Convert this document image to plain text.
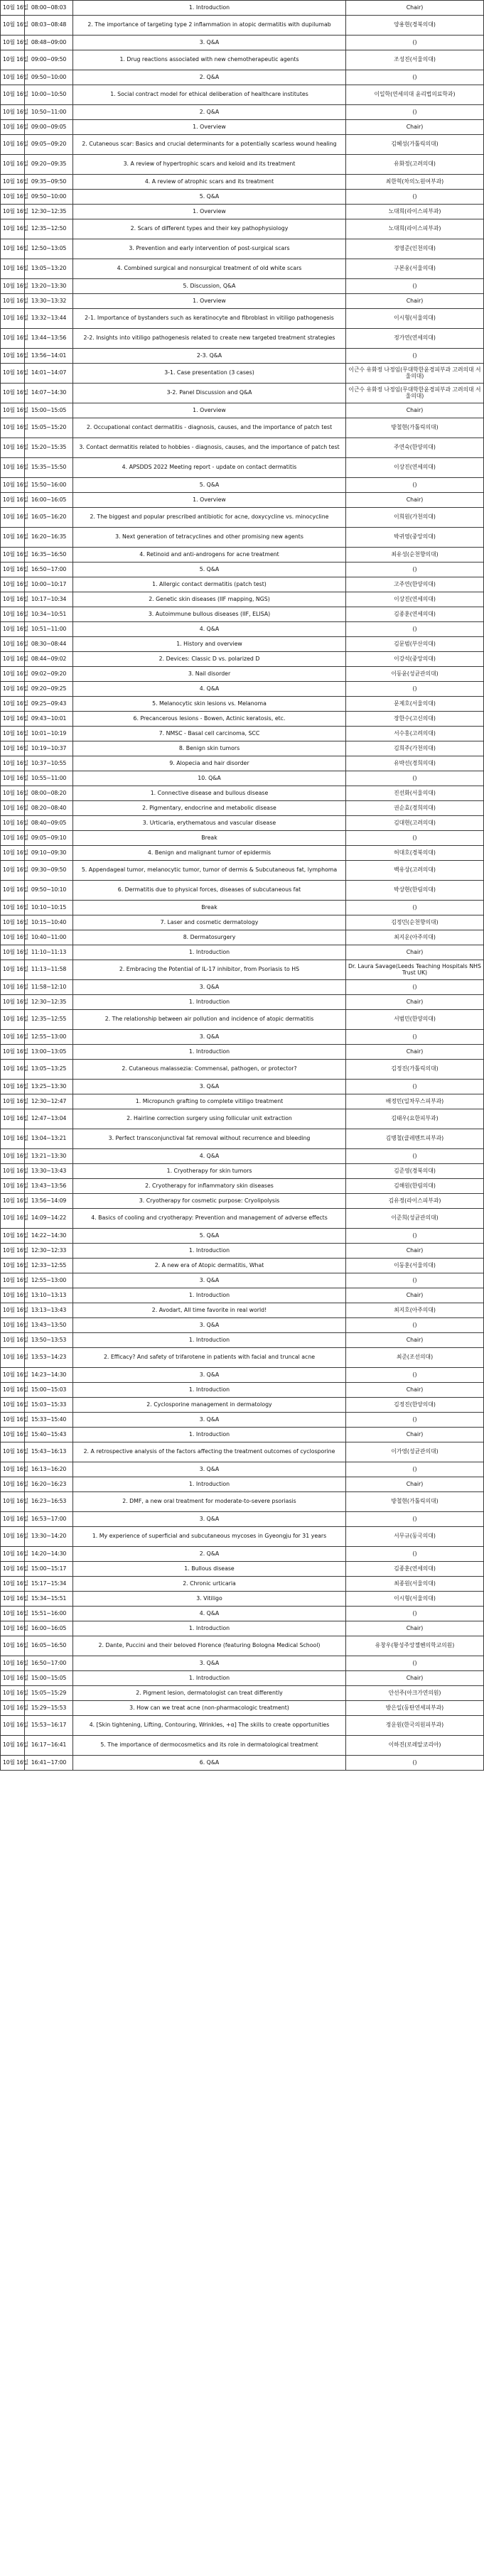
10월 16일	08:00~08:03	1. Introduction	Chair)
10월 16일	08:03~08:48	2. The importance of targeting type 2 inflammation in atopic dermatitis with dupilumab	양용현(경북의대)
10월 16일	08:48~09:00	3. Q&A	()
10월 16일	09:00~09:50	1. Drug reactions associated with new chemotherapeutic agents	조성진(서울의대)
10월 16일	09:50~10:00	2. Q&A	()
10월 16일	10:00~10:50	1. Social contract model for ethical deliberation of healthcare institutes	이일학(연세의대 윤리법의료학과)
10월 16일	10:50~11:00	2. Q&A	()
10월 16일	09:00~09:05	1. Overview	Chair)
10월 16일	09:05~09:20	2. Cutaneous scar: Basics and crucial determinants for a potentially scarless wound healing	김혜성(가톨릭의대)
10월 16일	09:20~09:35	3. A review of hypertrophic scars and keloid and its treatment	유화정(고려의대)
10월 16일	09:35~09:50	4. A review of atrophic scars and its treatment	최한혁(차의노원여부과)
10월 16일	09:50~10:00	5. Q&A	()
10월 16일	12:30~12:35	1. Overview	노대희(라이스피부과)
10월 16일	12:35~12:50	2. Scars of different types and their key pathophysiology	노대희(라이스피부과)
10월 16일	12:50~13:05	3. Prevention and early intervention of post-surgical scars	정영준(인천의대)
10월 16일	13:05~13:20	4. Combined surgical and nonsurgical treatment of old white scars	구본웅(서울의대)
10월 16일	13:20~13:30	5. Discussion, Q&A	()
10월 16일	13:30~13:32	1. Overview	Chair)
10월 16일	13:32~13:44	2-1. Importance of bystanders such as keratinocyte and fibroblast in vitiligo pathogenesis	이시형(서울의대)
10월 16일	13:44~13:56	2-2. Insights into vitiligo pathogenesis related to create new targeted treatment strategies	정가연(연세의대)
10월 16일	13:56~14:01	2-3. Q&A	()
10월 16일	14:01~14:07	3-1. Case presentation (3 cases)	이근수 유화정 나정임(무대학한윤경피부과 고려의대 서울의대)
10월 16일	14:07~14:30	3-2. Panel Discussion and Q&A	이근수 유화정 나정임(무대학한윤경피부과 고려의대 서울의대)
10월 16일	15:00~15:05	1. Overview	Chair)
10월 16일	15:05~15:20	2. Occupational contact dermatitis - diagnosis, causes, and the importance of patch test	방철현(가톨릭의대)
10월 16일	15:20~15:35	3. Contact dermatitis related to hobbies - diagnosis, causes, and the importance of patch test	주연숙(한양의대)
10월 16일	15:35~15:50	4. APSDDS 2022 Meeting report - update on contact dermatitis	이상진(연세의대)
10월 16일	15:50~16:00	5. Q&A	()
10월 16일	16:00~16:05	1. Overview	Chair)
10월 16일	16:05~16:20	2. The biggest and popular prescribed antibiotic for acne, doxycycline vs. minocycline	이희원(가천의대)
10월 16일	16:20~16:35	3. Next generation of tetracyclines and other promising new agents	박귀영(중앙의대)
10월 16일	16:35~16:50	4. Retinoid and anti-androgens for acne treatment	최유성(순천향의대)
10월 16일	16:50~17:00	5. Q&A	()
10월 16일	10:00~10:17	1. Allergic contact dermatitis (patch test)	고주연(한양의대)
10월 16일	10:17~10:34	2. Genetic skin diseases (IIF mapping, NGS)	이상진(연세의대)
10월 16일	10:34~10:51	3. Autoimmune bullous diseases (IIF, ELISA)	김종훈(연세의대)
10월 16일	10:51~11:00	4. Q&A	()
10월 16일	08:30~08:44	1. History and overview	김문범(부산의대)
10월 16일	08:44~09:02	2. Devices: Classic D vs. polarized D	이강석(중앙의대)
10월 16일	09:02~09:20	3. Nail disorder	이동윤(성균관의대)
10월 16일	09:20~09:25	4. Q&A	()
10월 16일	09:25~09:43	5. Melanocytic skin lesions vs. Melanoma	문제호(서울의대)
10월 16일	09:43~10:01	6. Precancerous lesions - Bowen, Actinic keratosis, etc.	장한수(고신의대)
10월 16일	10:01~10:19	7. NMSC - Basal cell carcinoma, SCC	서수홍(고려의대)
10월 16일	10:19~10:37	8. Benign skin tumors	김희주(가천의대)
10월 16일	10:37~10:55	9. Alopecia and hair disorder	유박선(경희의대)
10월 16일	10:55~11:00	10. Q&A	()
10월 16일	08:00~08:20	1. Connective disease and bullous disease	진선화(서울의대)
10월 16일	08:20~08:40	2. Pigmentary, endocrine and metabolic disease	권순효(경희의대)
10월 16일	08:40~09:05	3. Urticaria, erythematous and vascular disease	김대현(고려의대)
10월 16일	09:05~09:10	Break	()
10월 16일	09:10~09:30	4. Benign and malignant tumor of epidermis	허대호(경북의대)
10월 16일	09:30~09:50	5. Appendageal tumor, melanocytic tumor, tumor of dermis & Subcutaneous fat, lymphoma	백유상(고려의대)
10월 16일	09:50~10:10	6. Dermatitis due to physical forces, diseases of subcutaneous fat	박상현(한림의대)
10월 16일	10:10~10:15	Break	()
10월 16일	10:15~10:40	7. Laser and cosmetic dermatology	김정민(순천향의대)
10월 16일	10:40~11:00	8. Dermatosurgery	최지운(아주의대)
10월 16일	11:10~11:13	1. Introduction	Chair)
10월 16일	11:13~11:58	2. Embracing the Potential of IL-17 inhibitor, from Psoriasis to HS	Dr. Laura Savage(Leeds Teaching Hospitals NHS Trust UK)
10월 16일	11:58~12:10	3. Q&A	()
10월 16일	12:30~12:35	1. Introduction	Chair)
10월 16일	12:35~12:55	2. The relationship between air pollution and incidence of atopic dermatitis	서범민(한양의대)
10월 16일	12:55~13:00	3. Q&A	()
10월 16일	13:00~13:05	1. Introduction	Chair)
10월 16일	13:05~13:25	2. Cutaneous malassezia: Commensal, pathogen, or protector?	김정진(가톨릭의대)
10월 16일	13:25~13:30	3. Q&A	()
10월 16일	12:30~12:47	1. Micropunch grafting to complete vitiligo treatment	배정민(일차무스피부과)
10월 16일	12:47~13:04	2. Hairline correction surgery using follicular unit extraction	김태우(요한피부과)
10월 16일	13:04~13:21	3. Perfect transconjunctival fat removal without recurrence and bleeding	김병철(클레멘트피부과)
10월 16일	13:21~13:30	4. Q&A	()
10월 16일	13:30~13:43	1. Cryotherapy for skin tumors	김준영(경북의대)
10월 16일	13:43~13:56	2. Cryotherapy for inflammatory skin diseases	김해원(한림의대)
10월 16일	13:56~14:09	3. Cryotherapy for cosmetic purpose: Cryolipolysis	김유정(라이스피부과)
10월 16일	14:09~14:22	4. Basics of cooling and cryotherapy: Prevention and management of adverse effects	이준희(성균관의대)
10월 16일	14:22~14:30	5. Q&A	()
10월 16일	12:30~12:33	1. Introduction	Chair)
10월 16일	12:33~12:55	2. A new era of Atopic dermatitis, What	이동훈(서울의대)
10월 16일	12:55~13:00	3. Q&A	()
10월 16일	13:10~13:13	1. Introduction	Chair)
10월 16일	13:13~13:43	2. Avodart, All time favorite in real world!	최지호(아주의대)
10월 16일	13:43~13:50	3. Q&A	()
10월 16일	13:50~13:53	1. Introduction	Chair)
10월 16일	13:53~14:23	2. Efficacy? And safety of trifarotene in patients with facial and truncal acne	최준(조선의대)
10월 16일	14:23~14:30	3. Q&A	()
10월 16일	15:00~15:03	1. Introduction	Chair)
10월 16일	15:03~15:33	2. Cyclosporine management in dermatology	김정진(한양의대)
10월 16일	15:33~15:40	3. Q&A	()
10월 16일	15:40~15:43	1. Introduction	Chair)
10월 16일	15:43~16:13	2. A retrospective analysis of the factors affecting the treatment outcomes of cyclosporine	이가영(성균관의대)
10월 16일	16:13~16:20	3. Q&A	()
10월 16일	16:20~16:23	1. Introduction	Chair)
10월 16일	16:23~16:53	2. DMF, a new oral treatment for moderate-to-severe psoriasis	방철현(가톨릭의대)
10월 16일	16:53~17:00	3. Q&A	()
10월 16일	13:30~14:20	1. My experience of superficial and subcutaneous mycoses in Gyeongju for 31 years	서무규(동국의대)
10월 16일	14:20~14:30	2. Q&A	()
10월 16일	15:00~15:17	1. Bullous disease	김종훈(연세의대)
10월 16일	15:17~15:34	2. Chronic urticaria	최종원(서울의대)
10월 16일	15:34~15:51	3. Vitiligo	이시형(서울의대)
10월 16일	15:51~16:00	4. Q&A	()
10월 16일	16:00~16:05	1. Introduction	Chair)
10월 16일	16:05~16:50	2. Dante, Puccini and their beloved Florence (featuring Bologna Medical School)	유창우(황성주앙젤헨의학교의원)
10월 16일	16:50~17:00	3. Q&A	()
10월 16일	15:00~15:05	1. Introduction	Chair)
10월 16일	15:05~15:29	2. Pigment lesion, dermatologist can treat differently	안선주(아크가연의원)
10월 16일	15:29~15:53	3. How can we treat acne (non-pharmacologic treatment)	방은일(동탄연세피부과)
10월 16일	15:53~16:17	4. [Skin tightening, Lifting, Contouring, Wrinkles, +α] The skills to create opportunities	정운원(한국의원피부과)
10월 16일	16:17~16:41	5. The importance of dermocosmetics and its role in dermatological treatment	이하진(로레알코리아)
10월 16일	16:41~17:00	6. Q&A	()
